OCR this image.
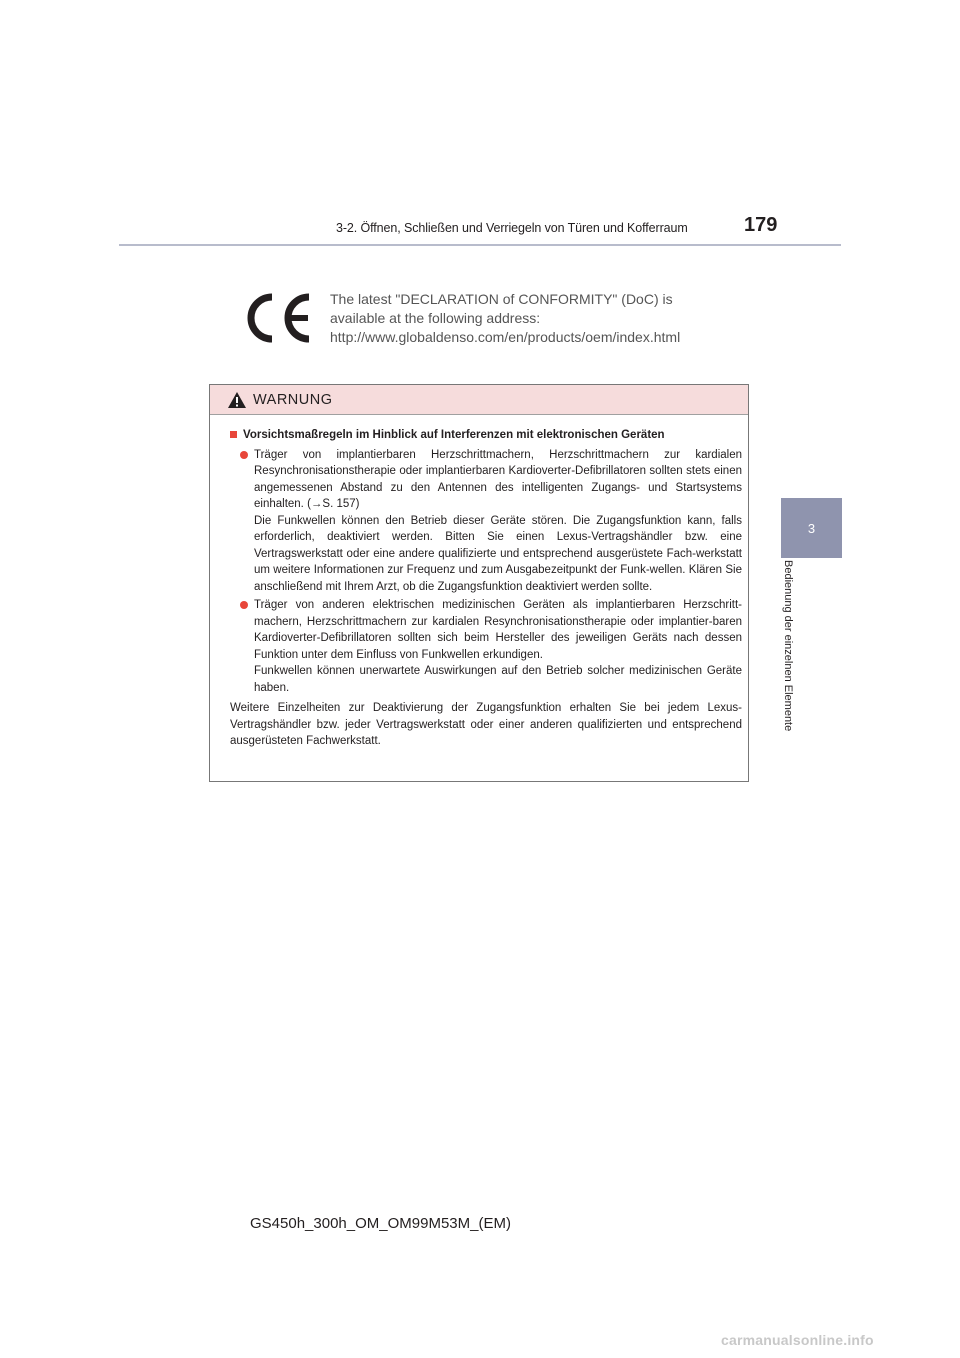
3-2. Öffnen, Schließen und Verriegeln von Türen und Kofferraum	179
3
Bedienung der einzelnen Elemente

The latest "DECLARATION of CONFORMITY" (DoC) is
available at the following address:
http://www.globaldenso.com/en/products/oem/index.html

WARNUNG
Vorsichtsmaßregeln im Hinblick auf Interferenzen mit elektronischen Geräten

Träger von implantierbaren Herzschrittmachern, Herzschrittmachern zur kardialen Resynchronisationstherapie oder implantierbaren Kardioverter-Defibrillatoren sollten stets einen angemessenen Abstand zu den Antennen des intelligenten Zugangs- und Startsystems einhalten. (→S. 157)

Die Funkwellen können den Betrieb dieser Geräte stören. Die Zugangsfunktion kann, falls erforderlich, deaktiviert werden. Bitten Sie einen Lexus-Vertragshändler bzw. eine Vertragswerkstatt oder eine andere qualifizierte und entsprechend ausgerüstete Fach-werkstatt um weitere Informationen zur Frequenz und zum Ausgabezeitpunkt der Funk-wellen. Klären Sie anschließend mit Ihrem Arzt, ob die Zugangsfunktion deaktiviert werden sollte.

Träger von anderen elektrischen medizinischen Geräten als implantierbaren Herzschritt-machern, Herzschrittmachern zur kardialen Resynchronisationstherapie oder implantier-baren Kardioverter-Defibrillatoren sollten sich beim Hersteller des jeweiligen Geräts nach dessen Funktion unter dem Einfluss von Funkwellen erkundigen.

Funkwellen können unerwartete Auswirkungen auf den Betrieb solcher medizinischen Geräte haben.

Weitere Einzelheiten zur Deaktivierung der Zugangsfunktion erhalten Sie bei jedem Lexus-Vertragshändler bzw. jeder Vertragswerkstatt oder einer anderen qualifizierten und entsprechend ausgerüsteten Fachwerkstatt.

GS450h_300h_OM_OM99M53M_(EM)
carmanualsonline.info
